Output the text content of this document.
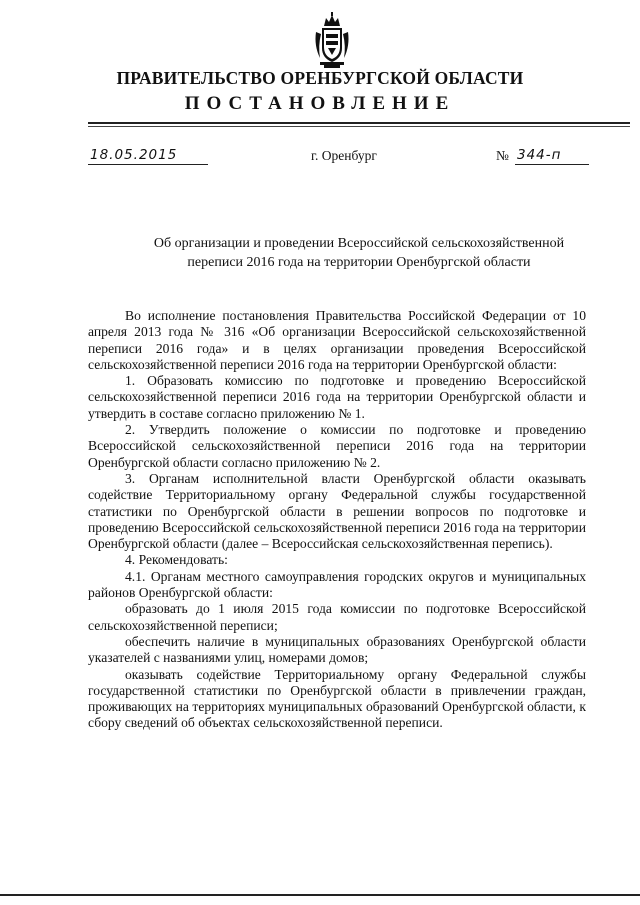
ПРАВИТЕЛЬСТВО ОРЕНБУРГСКОЙ ОБЛАСТИ
ПОСТАНОВЛЕНИЕ
18.05.2015	г. Оренбург	№ 344-п
Об организации и проведении Всероссийской сельскохозяйственной
переписи 2016 года на территории Оренбургской области

Во исполнение постановления Правительства Российской Федерации от 10 апреля 2013 года № 316 «Об организации Всероссийской сельскохозяйственной переписи 2016 года» и в целях организации проведения Всероссийской сельскохозяйственной переписи 2016 года на территории Оренбургской области:

1. Образовать комиссию по подготовке и проведению Всероссийской сельскохозяйственной переписи 2016 года на территории Оренбургской области и утвердить в составе согласно приложению № 1.

2. Утвердить положение о комиссии по подготовке и проведению Всероссийской сельскохозяйственной переписи 2016 года на территории Оренбургской области согласно приложению № 2.

3. Органам исполнительной власти Оренбургской области оказывать содействие Территориальному органу Федеральной службы государственной статистики по Оренбургской области в решении вопросов по подготовке и проведению Всероссийской сельскохозяйственной переписи 2016 года на территории Оренбургской области (далее – Всероссийская сельскохозяйственная перепись).

4. Рекомендовать:

4.1. Органам местного самоуправления городских округов и муниципальных районов Оренбургской области:

образовать до 1 июля 2015 года комиссии по подготовке Всероссийской сельскохозяйственной переписи;

обеспечить наличие в муниципальных образованиях Оренбургской области указателей с названиями улиц, номерами домов;

оказывать содействие Территориальному органу Федеральной службы государственной статистики по Оренбургской области в привлечении граждан, проживающих на территориях муниципальных образований Оренбургской области, к сбору сведений об объектах сельскохозяйственной переписи.
